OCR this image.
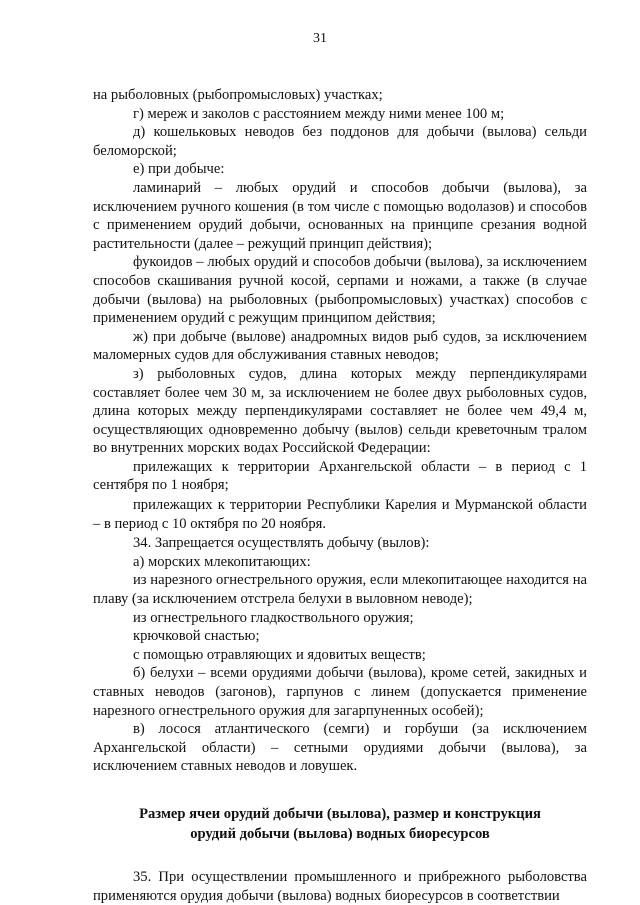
31

на рыболовных (рыбопромысловых) участках;

г) мереж и заколов с расстоянием между ними менее 100 м;

д) кошельковых неводов без поддонов для добычи (вылова) сельди беломорской;

е) при добыче:

ламинарий – любых орудий и способов добычи (вылова), за исключением ручного кошения (в том числе с помощью водолазов) и способов с применением орудий добычи, основанных на принципе срезания водной растительности (далее – режущий принцип действия);

фукоидов – любых орудий и способов добычи (вылова), за исключением способов скашивания ручной косой, серпами и ножами, а также (в случае добычи (вылова) на рыболовных (рыбопромысловых) участках) способов с применением орудий с режущим принципом действия;

ж) при добыче (вылове) анадромных видов рыб судов, за исключением маломерных судов для обслуживания ставных неводов;

з) рыболовных судов, длина которых между перпендикулярами составляет более чем 30 м, за исключением не более двух рыболовных судов, длина которых между перпендикулярами составляет не более чем 49,4 м, осуществляющих одновременно добычу (вылов) сельди креветочным тралом во внутренних морских водах Российской Федерации:

прилежащих к территории Архангельской области – в период с 1 сентября по 1 ноября;

прилежащих к территории Республики Карелия и Мурманской области – в период с 10 октября по 20 ноября.

34. Запрещается осуществлять добычу (вылов):

а) морских млекопитающих:

из нарезного огнестрельного оружия, если млекопитающее находится на плаву (за исключением отстрела белухи в выловном неводе);

из огнестрельного гладкоствольного оружия;

крючковой снастью;

с помощью отравляющих и ядовитых веществ;

б) белухи – всеми орудиями добычи (вылова), кроме сетей, закидных и ставных неводов (загонов), гарпунов с линем (допускается применение нарезного огнестрельного оружия для загарпуненных особей);

в) лосося атлантического (семги) и горбуши (за исключением Архангельской области) – сетными орудиями добычи (вылова), за исключением ставных неводов и ловушек.

Размер ячеи орудий добычи (вылова), размер и конструкция
орудий добычи (вылова) водных биоресурсов

35. При осуществлении промышленного и прибрежного рыболовства применяются орудия добычи (вылова) водных биоресурсов в соответствии
